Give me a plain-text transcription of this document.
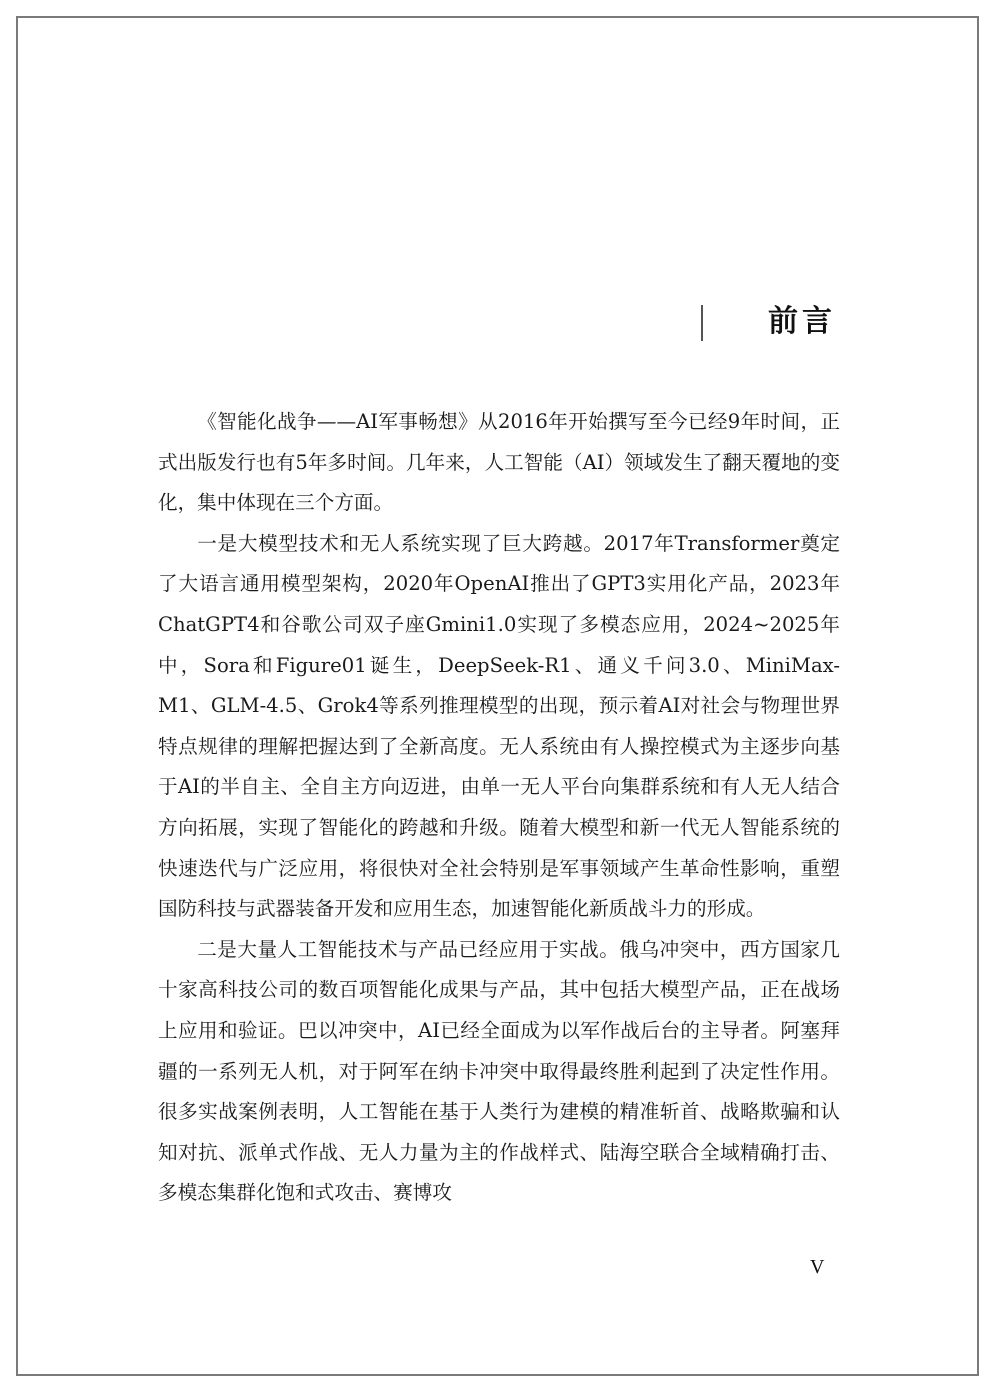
前言

《智能化战争——AI军事畅想》从2016年开始撰写至今已经9年时间，正式出版发行也有5年多时间。几年来，人工智能（AI）领域发生了翻天覆地的变化，集中体现在三个方面。

一是大模型技术和无人系统实现了巨大跨越。2017年Transformer奠定了大语言通用模型架构，2020年OpenAI推出了GPT3实用化产品，2023年ChatGPT4和谷歌公司双子座Gmini1.0实现了多模态应用，2024~2025年中，Sora和Figure01诞生，DeepSeek-R1、通义千问3.0、MiniMax-M1、GLM-4.5、Grok4等系列推理模型的出现，预示着AI对社会与物理世界特点规律的理解把握达到了全新高度。无人系统由有人操控模式为主逐步向基于AI的半自主、全自主方向迈进，由单一无人平台向集群系统和有人无人结合方向拓展，实现了智能化的跨越和升级。随着大模型和新一代无人智能系统的快速迭代与广泛应用，将很快对全社会特别是军事领域产生革命性影响，重塑国防科技与武器装备开发和应用生态，加速智能化新质战斗力的形成。

二是大量人工智能技术与产品已经应用于实战。俄乌冲突中，西方国家几十家高科技公司的数百项智能化成果与产品，其中包括大模型产品，正在战场上应用和验证。巴以冲突中，AI已经全面成为以军作战后台的主导者。阿塞拜疆的一系列无人机，对于阿军在纳卡冲突中取得最终胜利起到了决定性作用。很多实战案例表明，人工智能在基于人类行为建模的精准斩首、战略欺骗和认知对抗、派单式作战、无人力量为主的作战样式、陆海空联合全域精确打击、多模态集群化饱和式攻击、赛博攻

V
